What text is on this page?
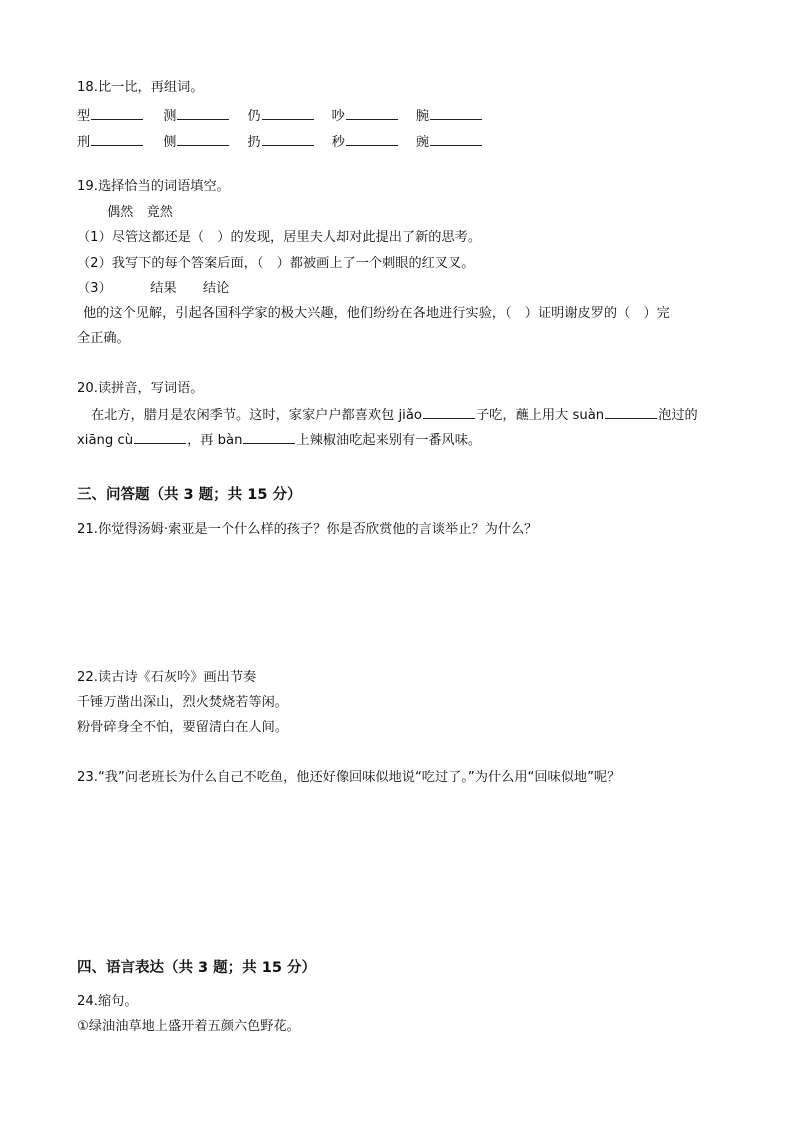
18.比一比，再组词。
型	测	仍	吵	腕
刑	侧	扔	秒	豌
19.选择恰当的词语填空。
偶然　竟然
（1）尽管这都还是（　）的发现，居里夫人却对此提出了新的思考。
（2）我写下的每个答案后面，（　）都被画上了一个刺眼的红叉叉。
（3）	结果　　结论
他的这个见解，引起各国科学家的极大兴趣，他们纷纷在各地进行实验，（　）证明谢皮罗的（　）完
全正确。
20.读拼音，写词语。
在北方，腊月是农闲季节。这时，家家户户都喜欢包 jiǎo	子吃，蘸上用大 suàn	泡过的
xiāng cù	，再 bàn	上辣椒油吃起来别有一番风味。
三、问答题（共 3 题；共 15 分）
21.你觉得汤姆·索亚是一个什么样的孩子？你是否欣赏他的言谈举止？为什么？
22.读古诗《石灰吟》画出节奏
千锤万凿出深山，烈火焚烧若等闲。
粉骨碎身全不怕，要留清白在人间。
23.“我”问老班长为什么自己不吃鱼，他还好像回味似地说“吃过了。”为什么用“回味似地”呢？
四、语言表达（共 3 题；共 15 分）
24.缩句。
①绿油油草地上盛开着五颜六色野花。
